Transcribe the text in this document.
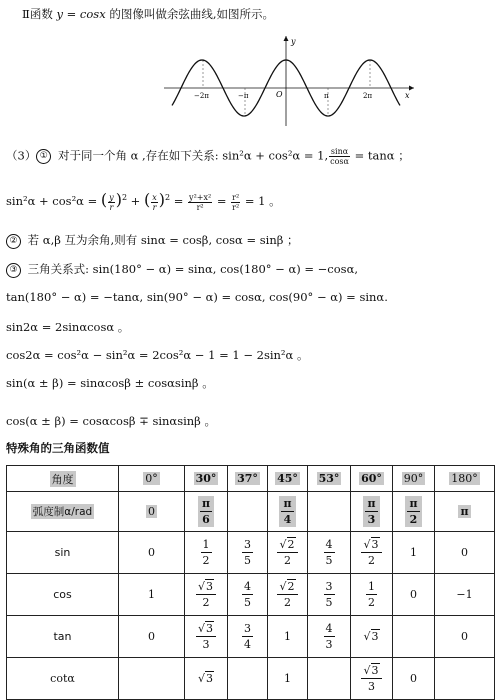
Ⅱ函数 y = cosx 的图像叫做余弦曲线,如图所示。
y
x
O
−2π	−π	π	2π
（3） ① 对于同一个角 α ,存在如下关系: sin²α + cos²α = 1, $\frac{\sin\alpha}{\cos\alpha} = \tan\alpha$ ；
sin²α + cos²α = ( $\frac{y}{r} )^2$ + ( $\frac{x}{r} )^2 = \frac{\text{y²+x²}}{\text{r²}} = \frac{\text{r²}}{\text{r²}} = 1$ 。
② 若 α,β 互为余角,则有 sinα = cosβ, cosα = sinβ ；
③ 三角关系式: sin(180° − α) = sinα, cos(180° − α) = −cosα,
tan(180° − α) = −tanα, sin(90° − α) = cosα, cos(90° − α) = sinα.
sin2α = 2sinαcosα 。
cos2α = cos²α − sin²α = 2cos²α − 1 = 1 − 2sin²α 。
sin(α ± β) = sinαcosβ ± cosαsinβ 。
cos(α ± β) = cosαcosβ ∓ sinαsinβ 。
特殊角的三角函数值
角度	0°	30°	37°	45°	53°	60°	90°	180°
弧度制α/rad	0	$\frac{\pi}{6}$		$\frac{\pi}{4}$		$\frac{\pi}{3}$	$\frac{\pi}{2}$	π
sin	0	$\frac{1}{2}$	$\frac{3}{5}$	$\frac{√2}{2}$	$\frac{4}{5}$	$\frac{√3}{2}$	1	0
cos	1	$\frac{√3}{2}$	$\frac{4}{5}$	$\frac{√2}{2}$	$\frac{3}{5}$	$\frac{1}{2}$	0	−1
tan	0	$\frac{√3}{3}$	$\frac{3}{4}$	1	$\frac{4}{3}$	√3		0
cotα		√3		1		$\frac{√3}{3}$	0	
